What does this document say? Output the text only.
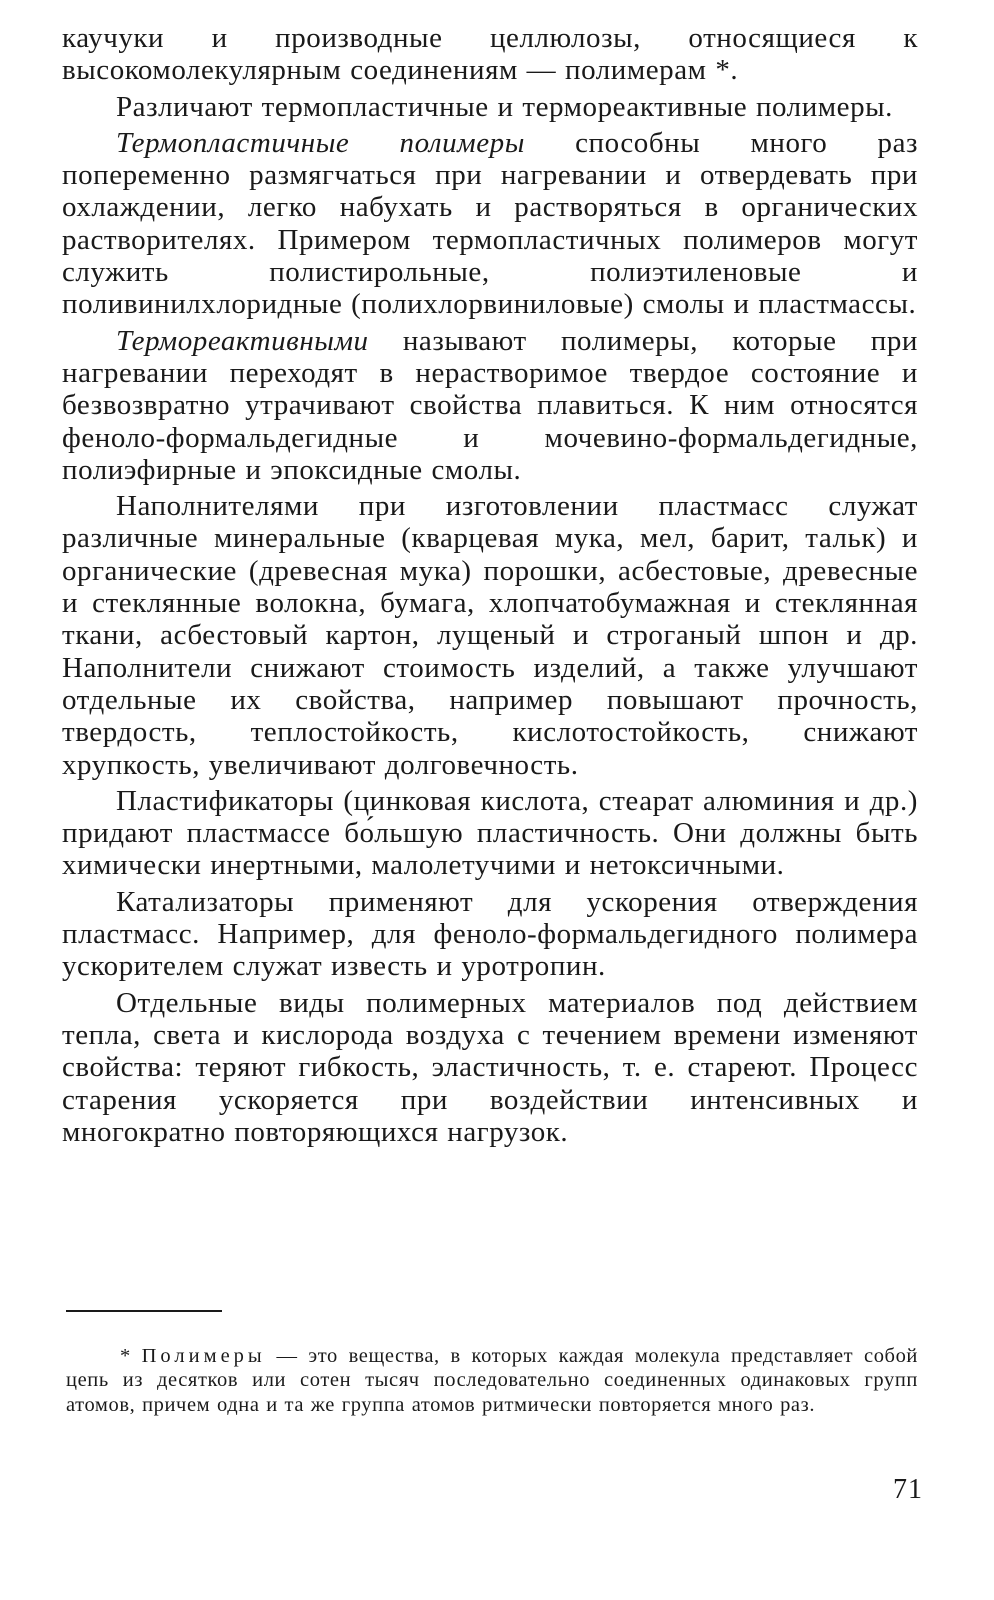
каучуки и производные целлюлозы, относящиеся к высокомолекулярным соединениям — полимерам *.

Различают термопластичные и термореактивные полимеры.

Термопластичные полимеры способны много раз попеременно размягчаться при нагревании и отвердевать при охлаждении, легко набухать и растворяться в органических растворителях. Примером термопластичных полимеров могут служить полистирольные, полиэтиленовые и поливинилхлоридные (полихлорвиниловые) смолы и пластмассы.

Термореактивными называют полимеры, которые при нагревании переходят в нерастворимое твердое состояние и безвозвратно утрачивают свойства плавиться. К ним относятся феноло-формальдегидные и мочевино-формальдегидные, полиэфирные и эпоксидные смолы.

Наполнителями при изготовлении пластмасс служат различные минеральные (кварцевая мука, мел, барит, тальк) и органические (древесная мука) порошки, асбестовые, древесные и стеклянные волокна, бумага, хлопчатобумажная и стеклянная ткани, асбестовый картон, лущеный и строганый шпон и др. Наполнители снижают стоимость изделий, а также улучшают отдельные их свойства, например повышают прочность, твердость, теплостойкость, кислотостойкость, снижают хрупкость, увеличивают долговечность.

Пластификаторы (цинковая кислота, стеарат алюминия и др.) придают пластмассе бо́льшую пластичность. Они должны быть химически инертными, малолетучими и нетоксичными.

Катализаторы применяют для ускорения отверждения пластмасс. Например, для феноло-формальдегидного полимера ускорителем служат известь и уротропин.

Отдельные виды полимерных материалов под действием тепла, света и кислорода воздуха с течением времени изменяют свойства: теряют гибкость, эластичность, т. е. стареют. Процесс старения ускоряется при воздействии интенсивных и многократно повторяющихся нагрузок.

* Полимеры — это вещества, в которых каждая молекула представляет собой цепь из десятков или сотен тысяч последовательно соединенных одинаковых групп атомов, причем одна и та же группа атомов ритмически повторяется много раз.

71
